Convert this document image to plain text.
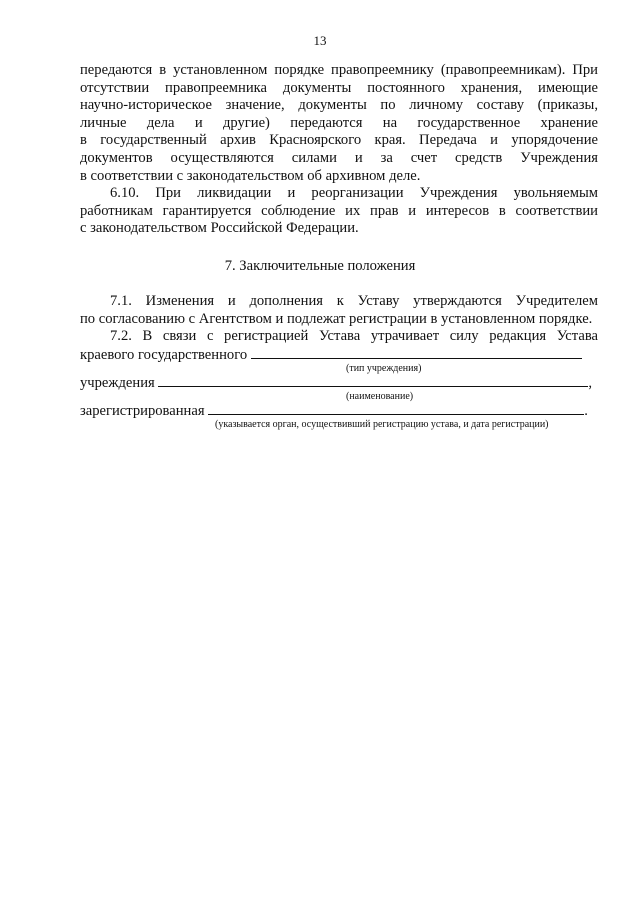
13
передаются в установленном порядке правопреемнику (правопреемникам). При
отсутствии правопреемника документы постоянного хранения, имеющие
научно-историческое значение, документы по личному составу (приказы,
личные дела и другие) передаются на государственное хранение
в государственный архив Красноярского края. Передача и упорядочение
документов осуществляются силами и за счет средств Учреждения
в соответствии с законодательством об архивном деле.
6.10. При ликвидации и реорганизации Учреждения увольняемым
работникам гарантируется соблюдение их прав и интересов в соответствии
с законодательством Российской Федерации.
7. Заключительные положения
7.1. Изменения и дополнения к Уставу утверждаются Учредителем
по согласованию с Агентством и подлежат регистрации в установленном порядке.
7.2. В связи с регистрацией Устава утрачивает силу редакция Устава
краевого государственного
(тип учреждения)
учреждения	,
(наименование)
зарегистрированная	.
(указывается орган, осуществивший регистрацию устава, и дата регистрации)
